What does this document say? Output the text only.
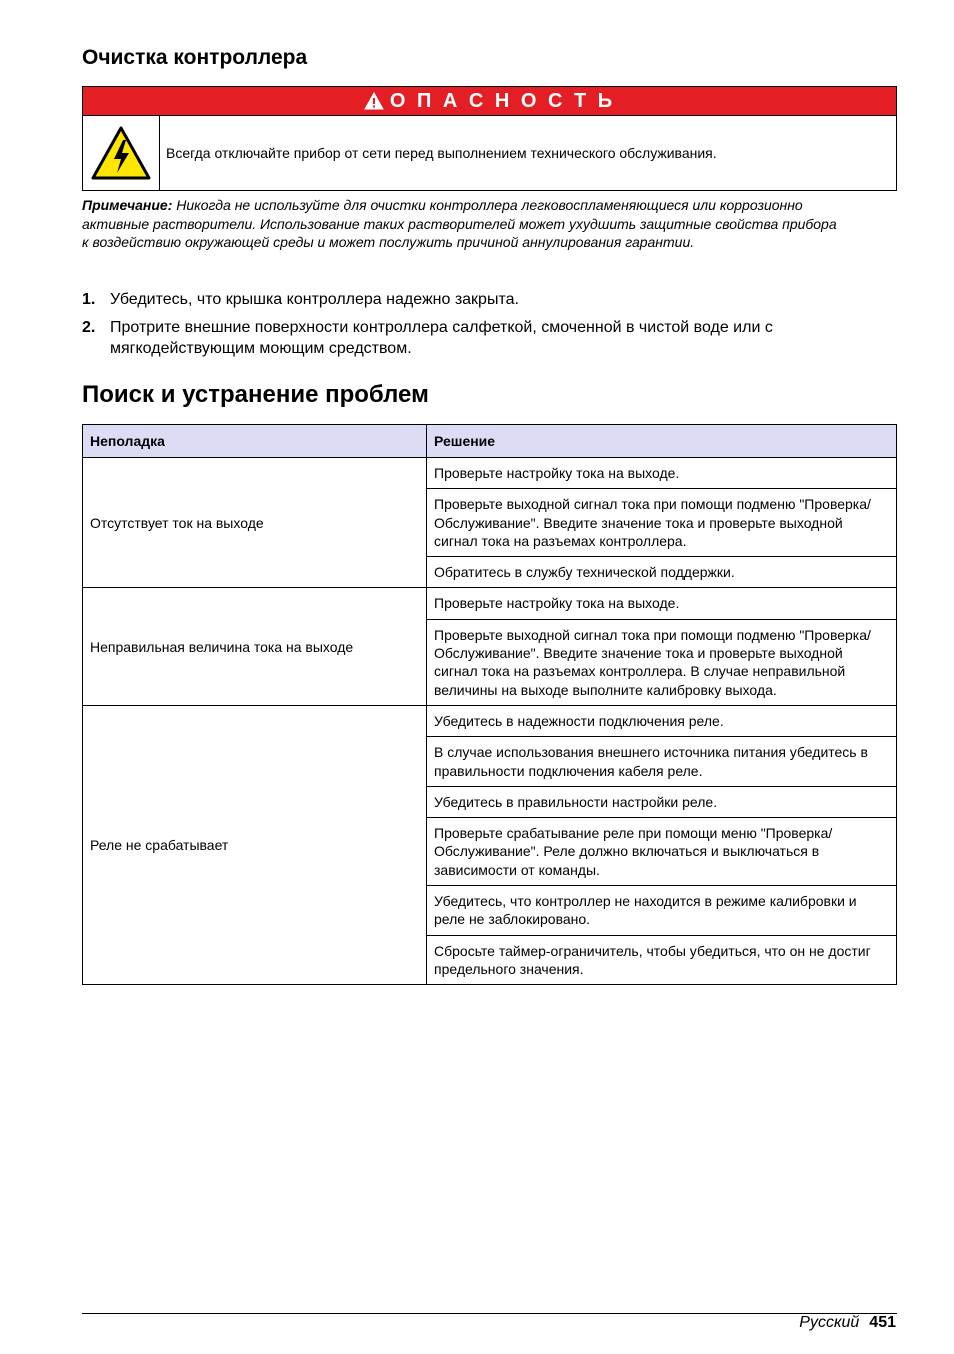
Очистка контроллера
О П А С Н О С Т Ь
Всегда отключайте прибор от сети перед выполнением технического обслуживания.
Примечание: Никогда не используйте для очистки контроллера легковоспламеняющиеся или коррозионно активные растворители. Использование таких растворителей может ухудшить защитные свойства прибора к воздействию окружающей среды и может послужить причиной аннулирования гарантии.
1. Убедитесь, что крышка контроллера надежно закрыта.
2. Протрите внешние поверхности контроллера салфеткой, смоченной в чистой воде или с мягкодействующим моющим средством.
Поиск и устранение проблем
Неполадка	Решение
Отсутствует ток на выходе	Проверьте настройку тока на выходе.
	Проверьте выходной сигнал тока при помощи подменю "Проверка/Обслуживание". Введите значение тока и проверьте выходной сигнал тока на разъемах контроллера.
	Обратитесь в службу технической поддержки.
Неправильная величина тока на выходе	Проверьте настройку тока на выходе.
	Проверьте выходной сигнал тока при помощи подменю "Проверка/Обслуживание". Введите значение тока и проверьте выходной сигнал тока на разъемах контроллера. В случае неправильной величины на выходе выполните калибровку выхода.
Реле не срабатывает	Убедитесь в надежности подключения реле.
	В случае использования внешнего источника питания убедитесь в правильности подключения кабеля реле.
	Убедитесь в правильности настройки реле.
	Проверьте срабатывание реле при помощи меню "Проверка/Обслуживание". Реле должно включаться и выключаться в зависимости от команды.
	Убедитесь, что контроллер не находится в режиме калибровки и реле не заблокировано.
	Сбросьте таймер-ограничитель, чтобы убедиться, что он не достиг предельного значения.
Русский 451
